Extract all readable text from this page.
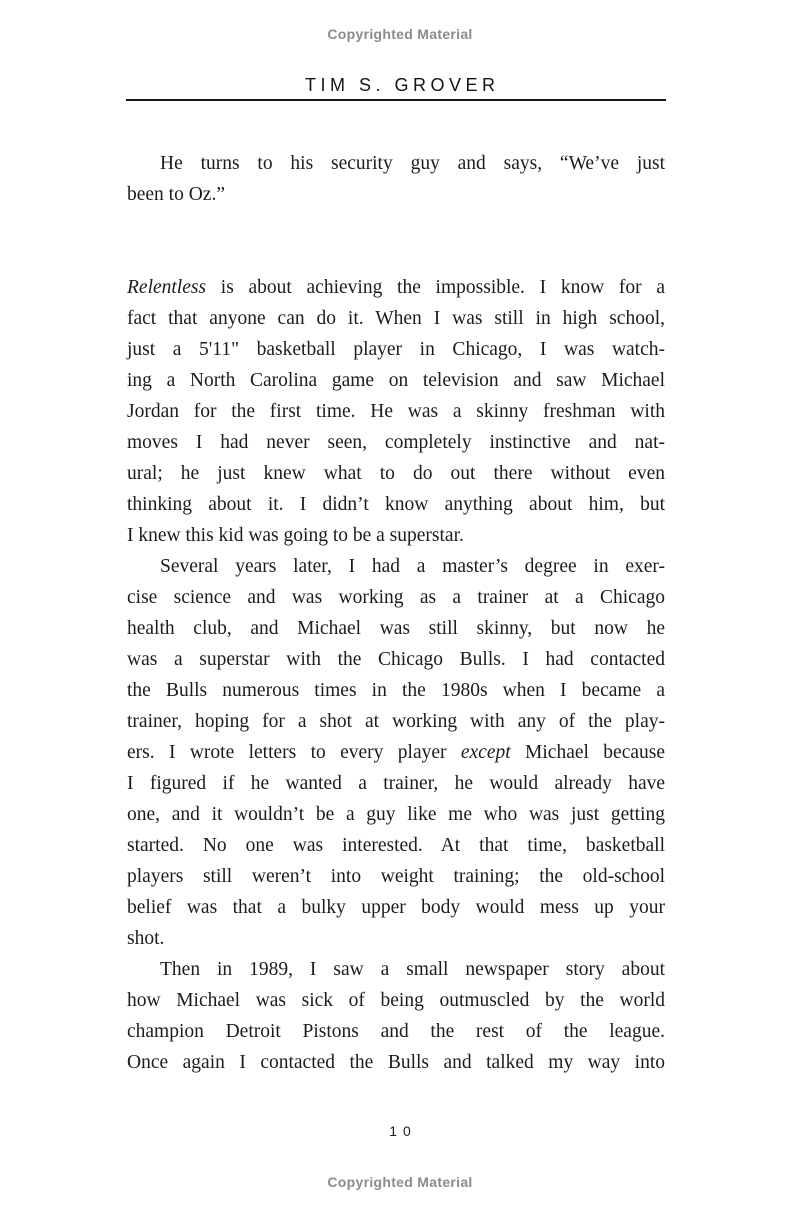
Copyrighted Material
TIM S. GROVER
He turns to his security guy and says, “We’ve just
been to Oz.”
Relentless is about achieving the impossible. I know for a
fact that anyone can do it. When I was still in high school,
just a 5'11" basketball player in Chicago, I was watch-
ing a North Carolina game on television and saw Michael
Jordan for the first time. He was a skinny freshman with
moves I had never seen, completely instinctive and nat-
ural; he just knew what to do out there without even
thinking about it. I didn’t know anything about him, but
I knew this kid was going to be a superstar.
Several years later, I had a master’s degree in exer-
cise science and was working as a trainer at a Chicago
health club, and Michael was still skinny, but now he
was a superstar with the Chicago Bulls. I had contacted
the Bulls numerous times in the 1980s when I became a
trainer, hoping for a shot at working with any of the play-
ers. I wrote letters to every player except Michael because
I figured if he wanted a trainer, he would already have
one, and it wouldn’t be a guy like me who was just getting
started. No one was interested. At that time, basketball
players still weren’t into weight training; the old-school
belief was that a bulky upper body would mess up your
shot.
Then in 1989, I saw a small newspaper story about
how Michael was sick of being outmuscled by the world
champion Detroit Pistons and the rest of the league.
Once again I contacted the Bulls and talked my way into
10
Copyrighted Material
